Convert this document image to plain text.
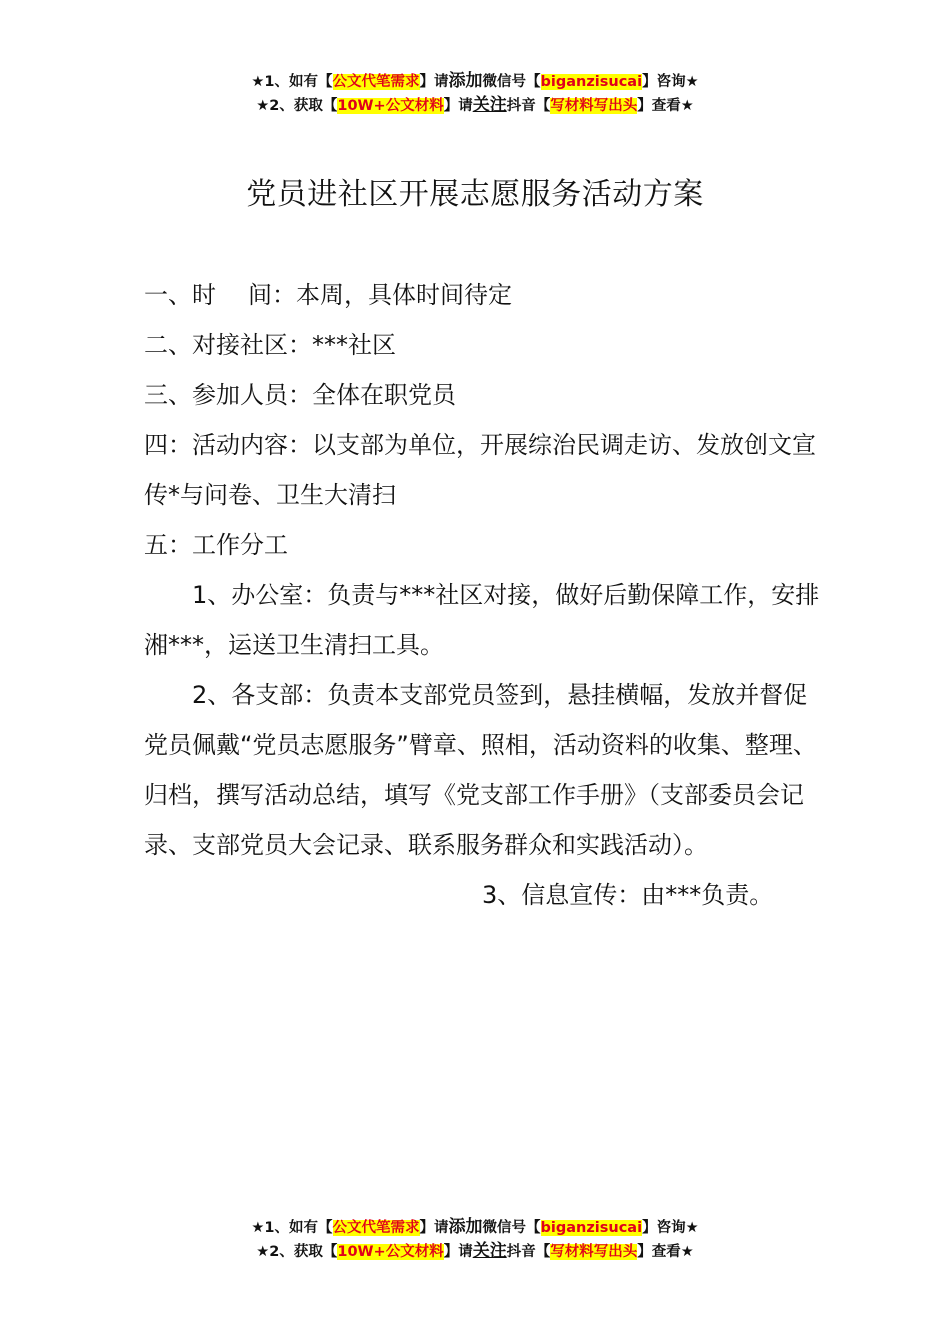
★1、如有【公文代笔需求】请添加微信号【biganzisucai】咨询★
★2、获取【10W+公文材料】请关注抖音【写材料写出头】查看★
党员进社区开展志愿服务活动方案

一、时 间：本周，具体时间待定

二、对接社区：***社区

三、参加人员：全体在职党员

四：活动内容：以支部为单位，开展综治民调走访、发放创文宣传*与问卷、卫生大清扫

五：工作分工

1、办公室：负责与***社区对接，做好后勤保障工作，安排湘***，运送卫生清扫工具。

2、各支部：负责本支部党员签到，悬挂横幅，发放并督促党员佩戴“党员志愿服务”臂章、照相，活动资料的收集、整理、归档，撰写活动总结，填写《党支部工作手册》（支部委员会记录、支部党员大会记录、联系服务群众和实践活动）。

3、信息宣传：由***负责。

★1、如有【公文代笔需求】请添加微信号【biganzisucai】咨询★
★2、获取【10W+公文材料】请关注抖音【写材料写出头】查看★
